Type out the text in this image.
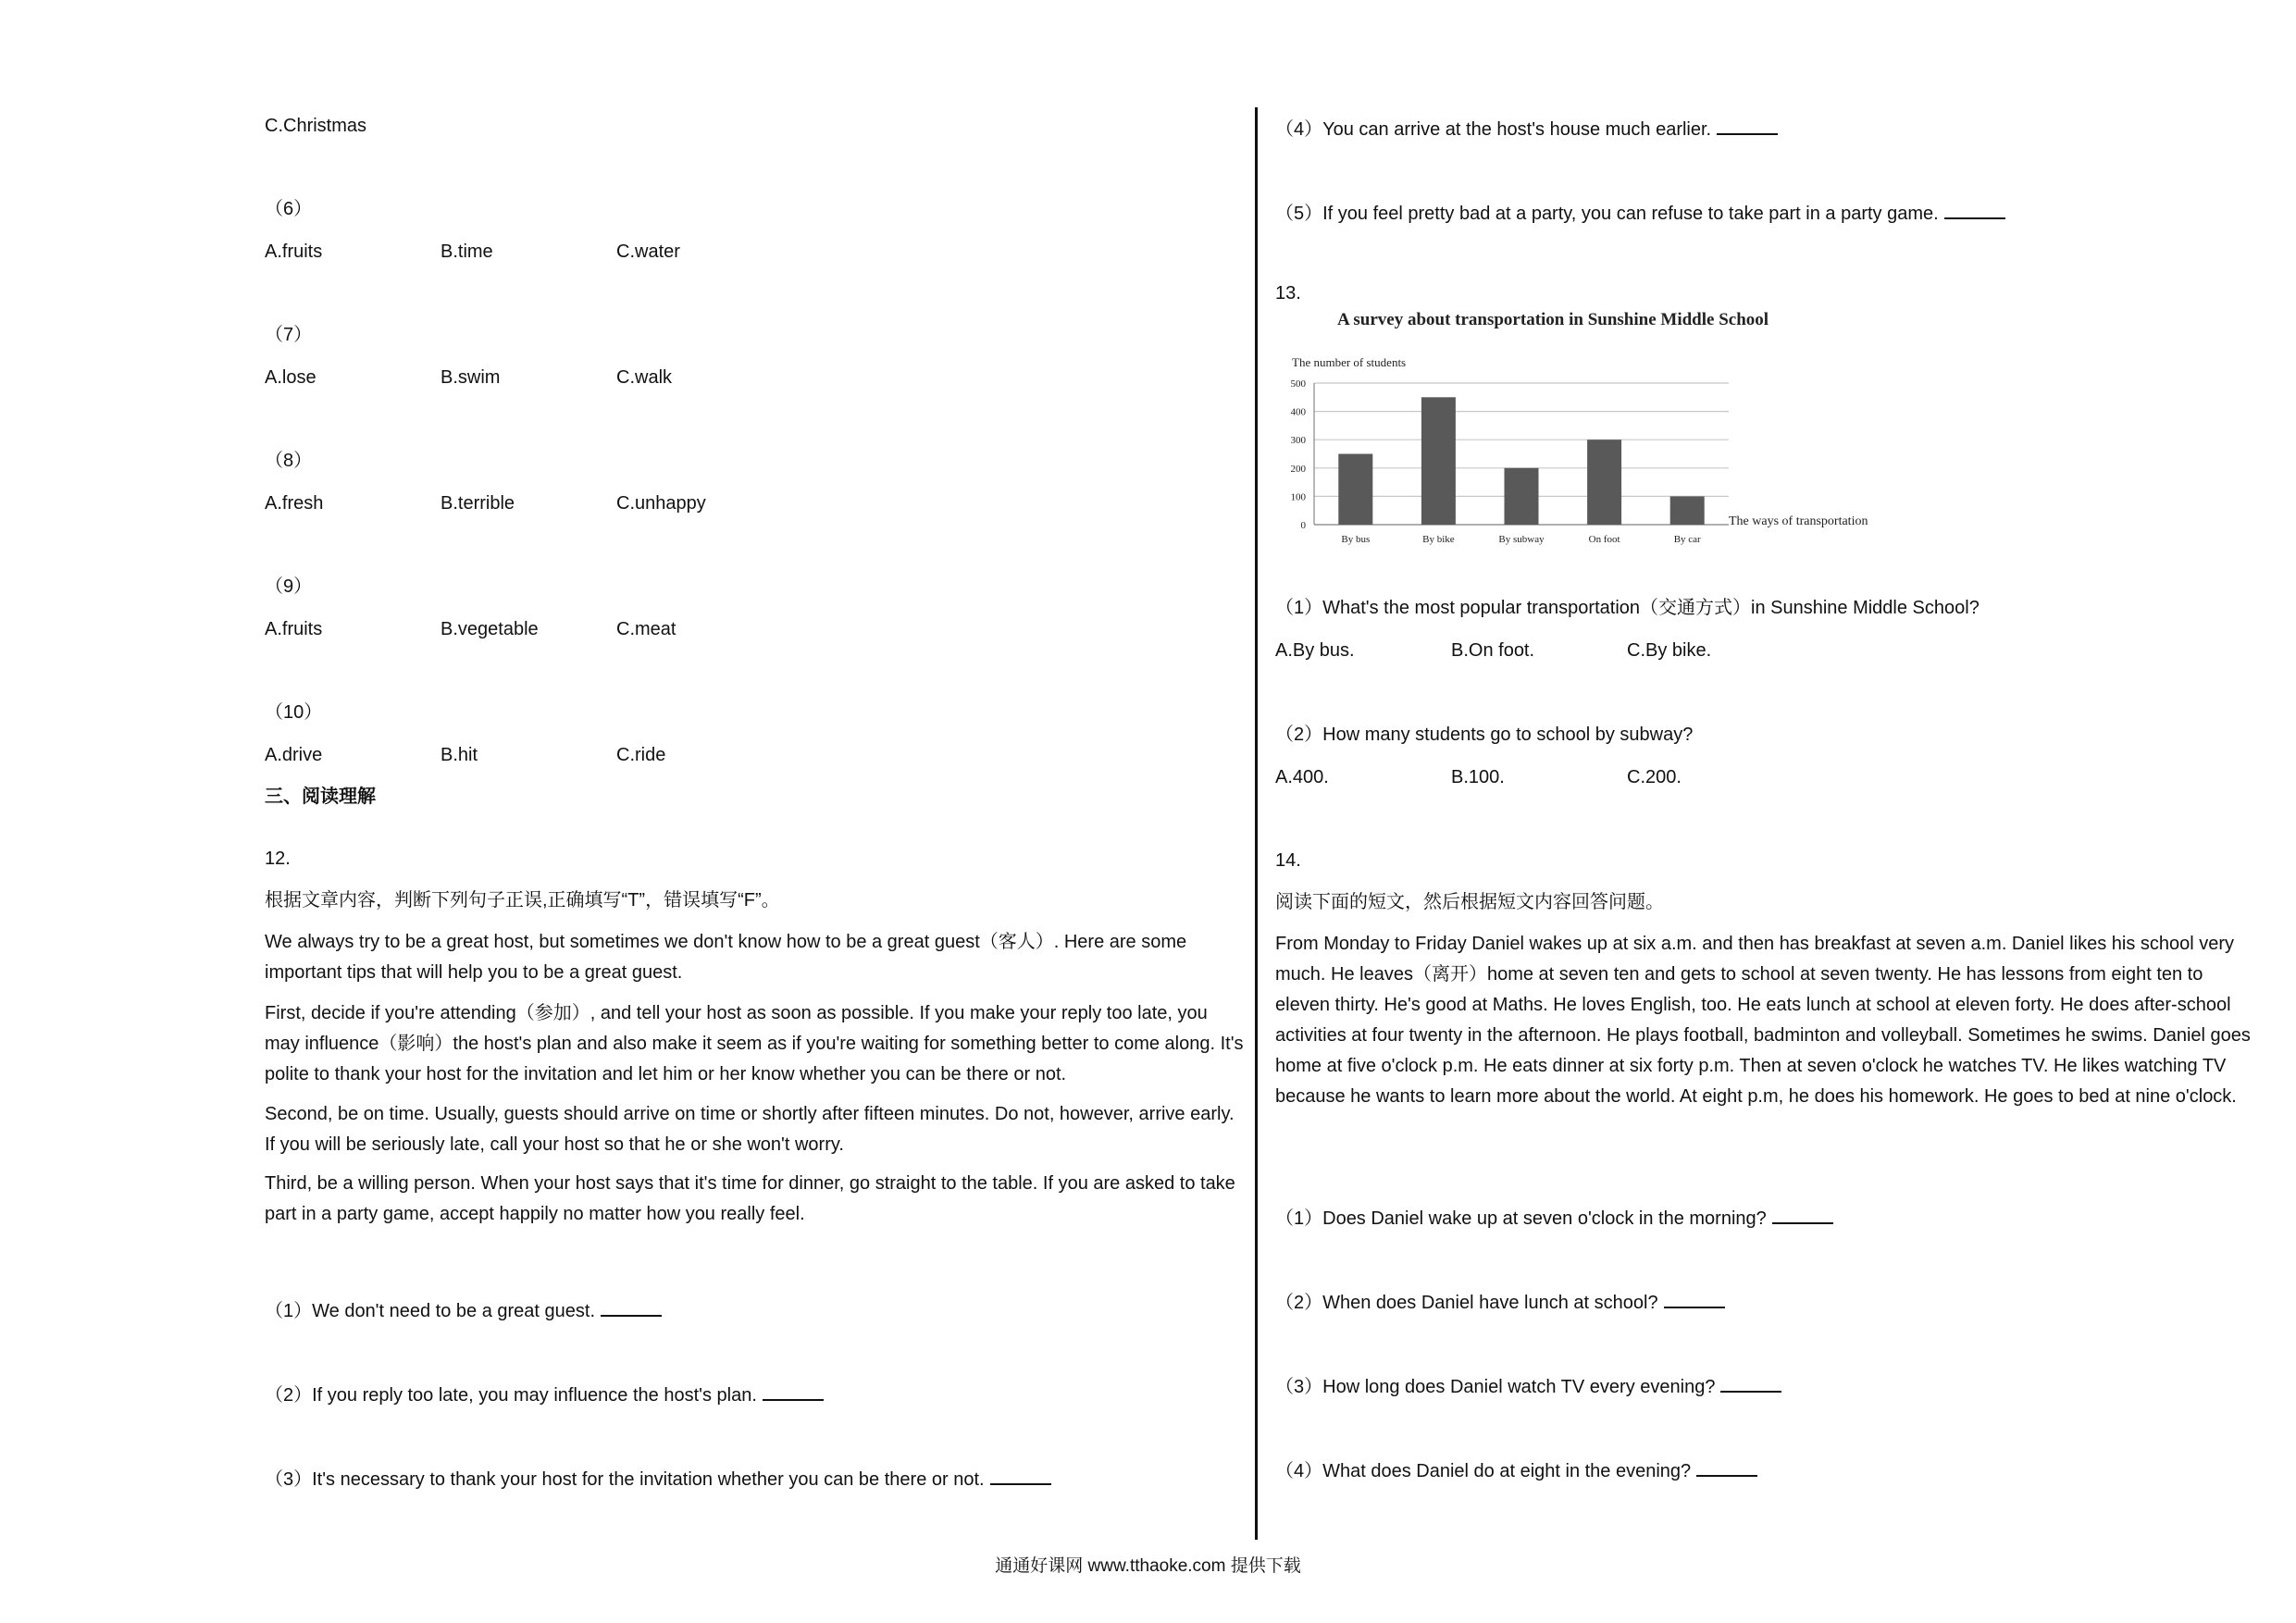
C.Christmas
（6）
A.fruits	B.time	C.water
（7）
A.lose	B.swim	C.walk
（8）
A.fresh	B.terrible	C.unhappy
（9）
A.fruits	B.vegetable	C.meat
（10）
A.drive	B.hit	C.ride
三、阅读理解
12.
根据文章内容，判断下列句子正误,正确填写“T”，错误填写“F”。
We always try to be a great host, but sometimes we don't know how to be a great guest（客人）. Here are some important tips that will help you to be a great guest.
First, decide if you're attending（参加）, and tell your host as soon as possible. If you make your reply too late, you may influence（影响）the host's plan and also make it seem as if you're waiting for something better to come along. It's polite to thank your host for the invitation and let him or her know whether you can be there or not.
Second, be on time. Usually, guests should arrive on time or shortly after fifteen minutes. Do not, however, arrive early. If you will be seriously late, call your host so that he or she won't worry.
Third, be a willing person. When your host says that it's time for dinner, go straight to the table. If you are asked to take part in a party game, accept happily no matter how you really feel.
（1）We don't need to be a great guest.
（2）If you reply too late, you may influence the host's plan.
（3）It's necessary to thank your host for the invitation whether you can be there or not.
（4）You can arrive at the host's house much earlier.
（5）If you feel pretty bad at a party, you can refuse to take part in a party game.
13.
（1）What's the most popular transportation（交通方式）in Sunshine Middle School?
A.By bus.	B.On foot.	C.By bike.
（2）How many students go to school by subway?
A.400.	B.100.	C.200.
14.
阅读下面的短文，然后根据短文内容回答问题。
From Monday to Friday Daniel wakes up at six a.m. and then has breakfast at seven a.m. Daniel likes his school very much. He leaves（离开）home at seven ten and gets to school at seven twenty. He has lessons from eight ten to eleven thirty. He's good at Maths. He loves English, too. He eats lunch at school at eleven forty. He does after-school activities at four twenty in the afternoon. He plays football, badminton and volleyball. Sometimes he swims. Daniel goes home at five o'clock p.m. He eats dinner at six forty p.m. Then at seven o'clock he watches TV. He likes watching TV because he wants to learn more about the world. At eight p.m, he does his homework. He goes to bed at nine o'clock.
（1）Does Daniel wake up at seven o'clock in the morning?
（2）When does Daniel have lunch at school?
（3）How long does Daniel watch TV every evening?
（4）What does Daniel do at eight in the evening?
A survey about transportation in Sunshine Middle School
The number of students
0
100
200
300
400
500
By bus	By bike	By subway	On foot	By car
The ways of transportation
通通好课网 www.tthaoke.com 提供下载
